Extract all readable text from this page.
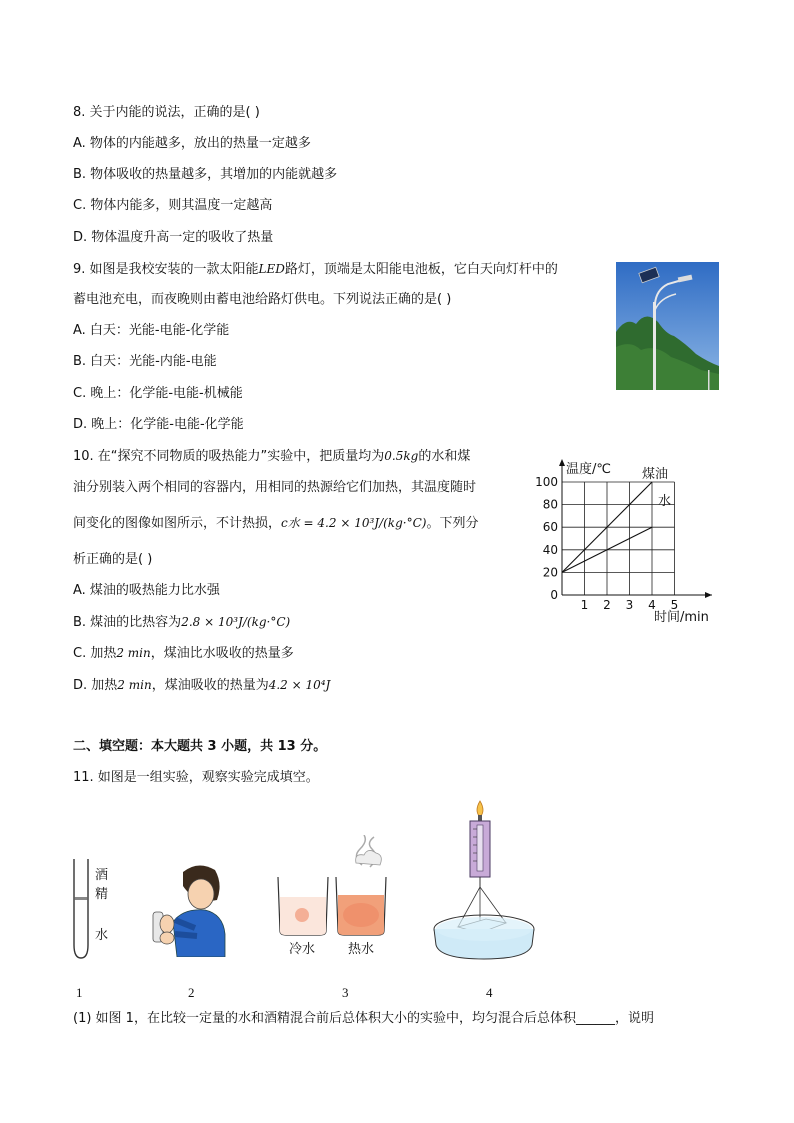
8. 关于内能的说法，正确的是( )
A. 物体的内能越多，放出的热量一定越多
B. 物体吸收的热量越多，其增加的内能就越多
C. 物体内能多，则其温度一定越高
D. 物体温度升高一定的吸收了热量
9. 如图是我校安装的一款太阳能LED路灯，顶端是太阳能电池板，它白天向灯杆中的
蓄电池充电，而夜晚则由蓄电池给路灯供电。下列说法正确的是( )
A. 白天：光能-电能-化学能
B. 白天：光能-内能-电能
C. 晚上：化学能-电能-机械能
D. 晚上：化学能-电能-化学能
10. 在“探究不同物质的吸热能力”实验中，把质量均为0.5kg的水和煤
油分别装入两个相同的容器内，用相同的热源给它们加热，其温度随时
间变化的图像如图所示，不计热损，c水 = 4.2 × 10³J/(kg·°C)。下列分
析正确的是( )
A. 煤油的吸热能力比水强
B. 煤油的比热容为2.8 × 10³J/(kg·°C)
C. 加热2 min，煤油比水吸收的热量多
D. 加热2 min，煤油吸收的热量为4.2 × 10⁴J
0
20
40
60
80
100
1 2 3 4 5
温度/℃
时间/min
煤油
水
二、填空题：本大题共 3 小题，共 13 分。
11. 如图是一组实验，观察实验完成填空。
酒
精
水
冷水	热水
1	2	3	4
(1) 如图 1，在比较一定量的水和酒精混合前后总体积大小的实验中，均匀混合后总体积______，说明
